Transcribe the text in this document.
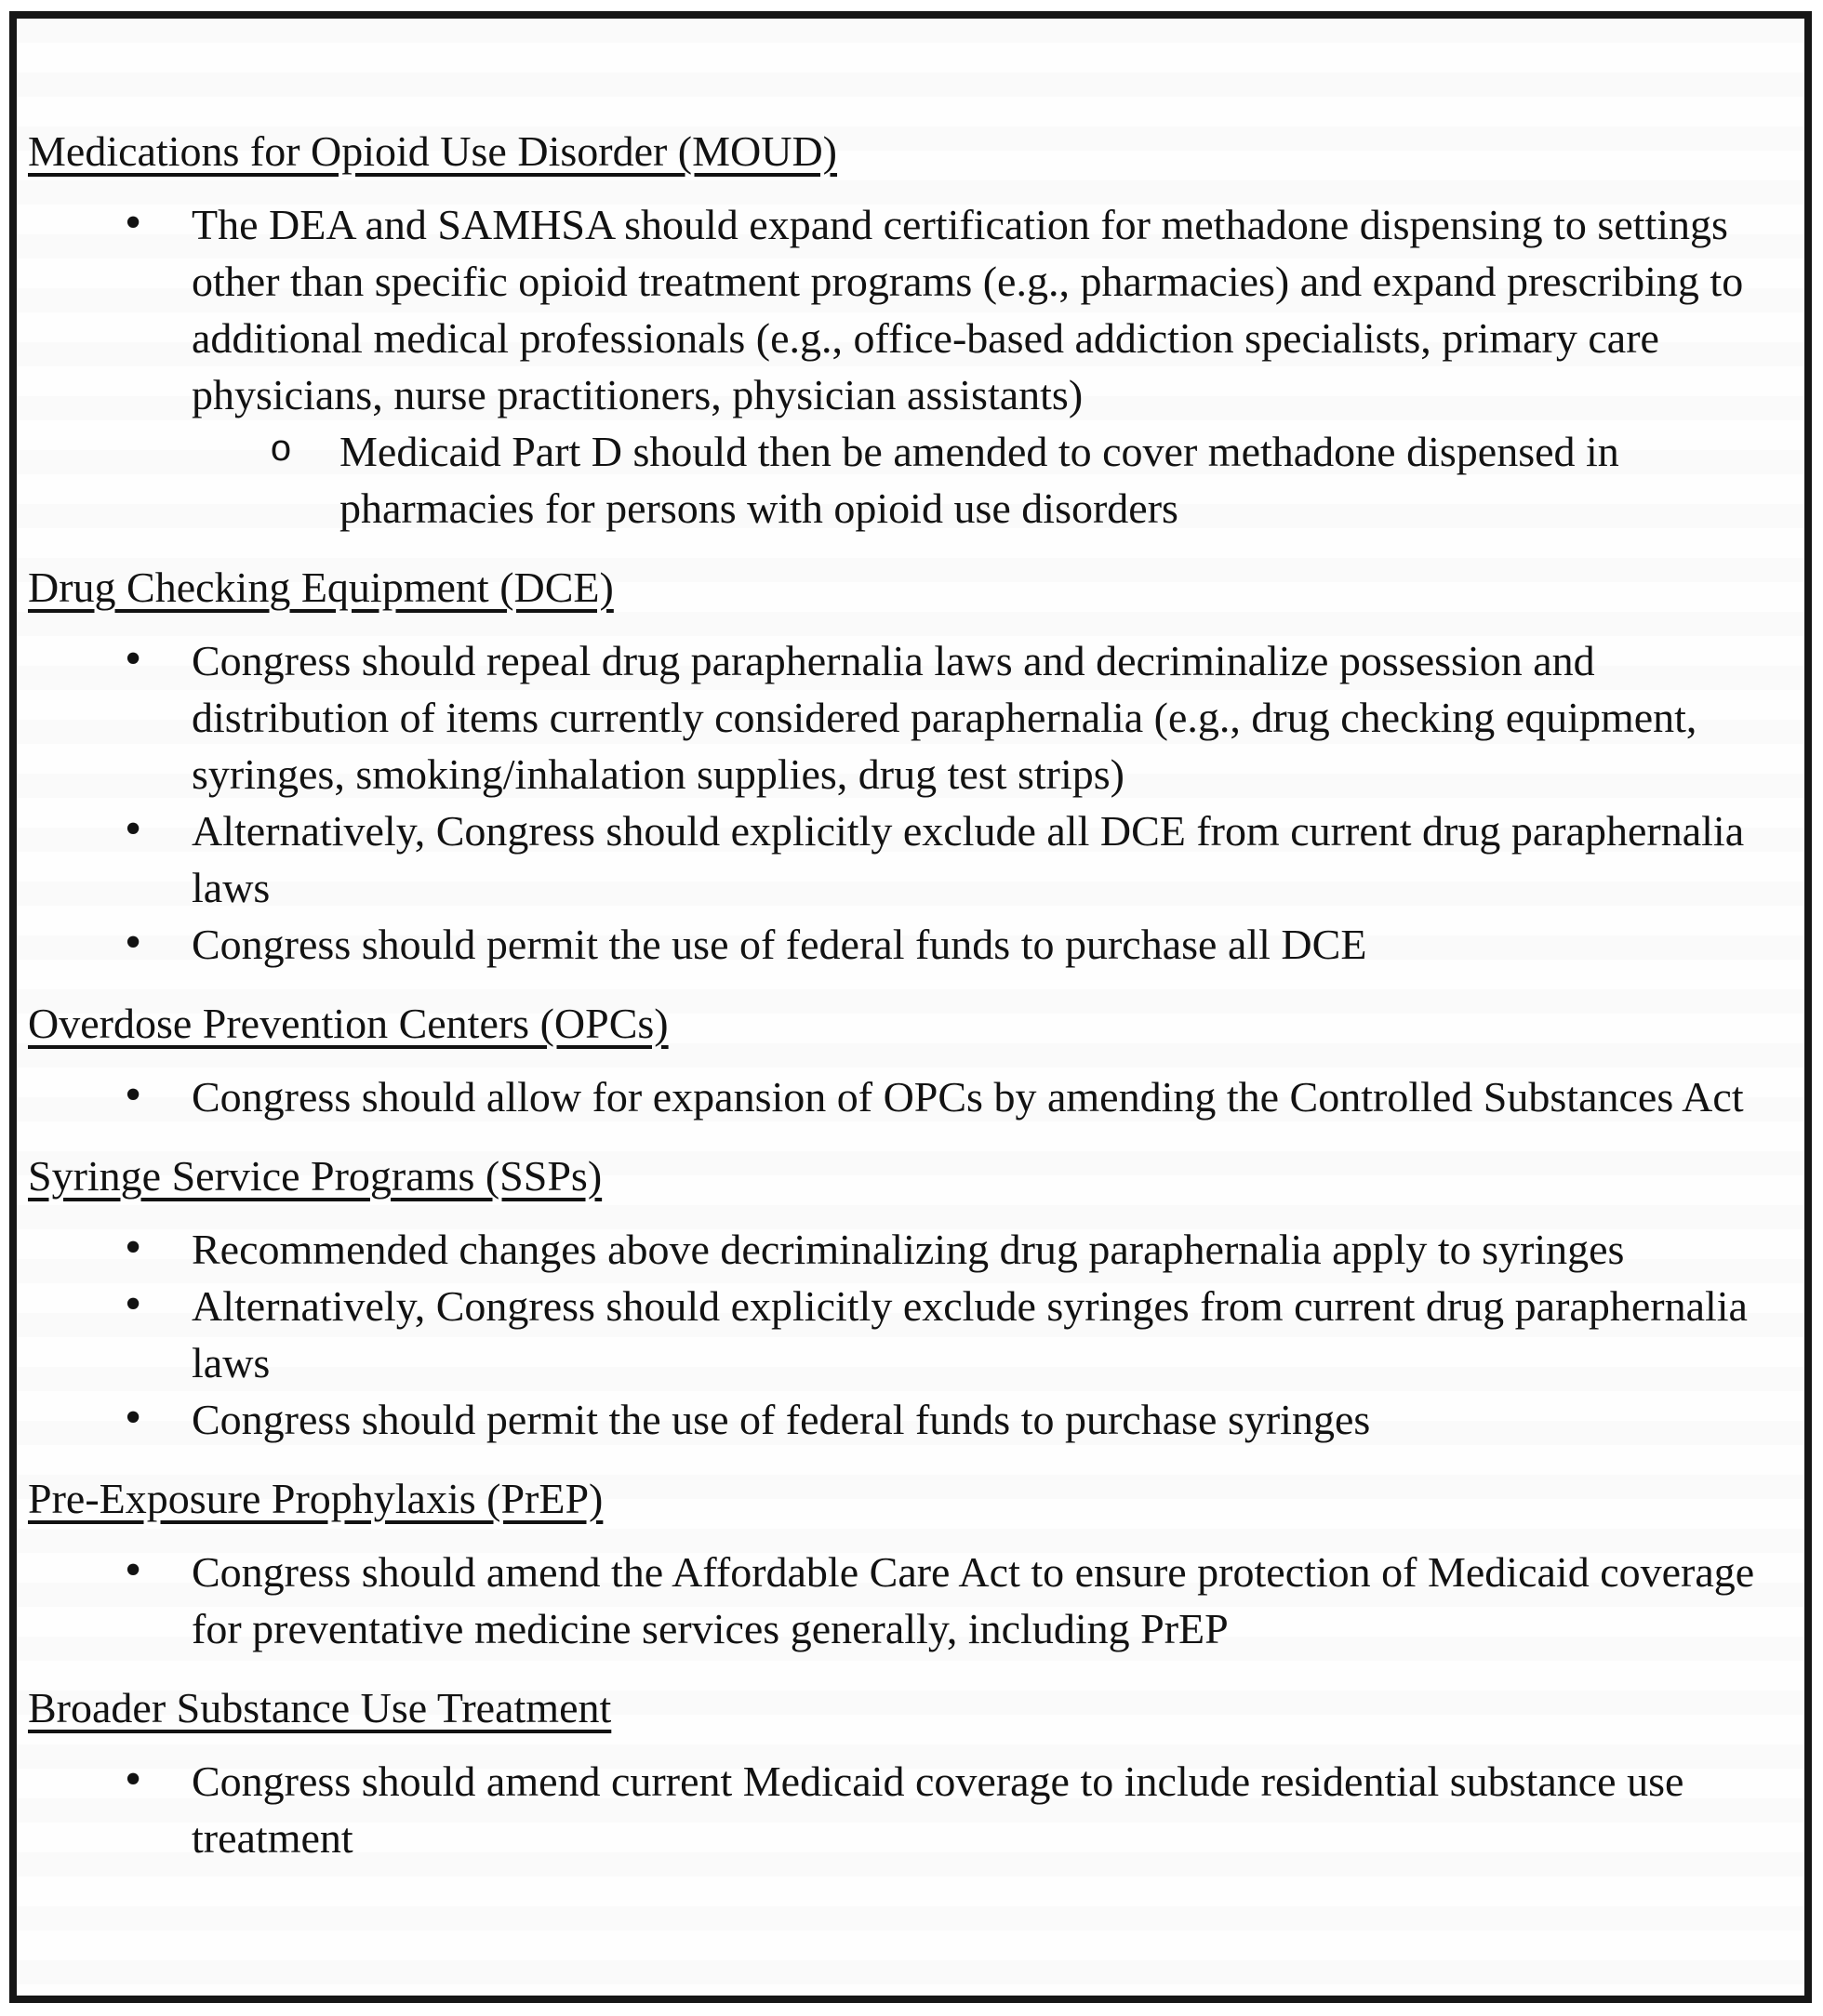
Medications for Opioid Use Disorder (MOUD)
• The DEA and SAMHSA should expand certification for methadone dispensing to settings other than specific opioid treatment programs (e.g., pharmacies) and expand prescribing to additional medical professionals (e.g., office-based addiction specialists, primary care physicians, nurse practitioners, physician assistants)
o Medicaid Part D should then be amended to cover methadone dispensed in pharmacies for persons with opioid use disorders
Drug Checking Equipment (DCE)
• Congress should repeal drug paraphernalia laws and decriminalize possession and distribution of items currently considered paraphernalia (e.g., drug checking equipment, syringes, smoking/inhalation supplies, drug test strips)
• Alternatively, Congress should explicitly exclude all DCE from current drug paraphernalia laws
• Congress should permit the use of federal funds to purchase all DCE
Overdose Prevention Centers (OPCs)
• Congress should allow for expansion of OPCs by amending the Controlled Substances Act
Syringe Service Programs (SSPs)
• Recommended changes above decriminalizing drug paraphernalia apply to syringes
• Alternatively, Congress should explicitly exclude syringes from current drug paraphernalia laws
• Congress should permit the use of federal funds to purchase syringes
Pre-Exposure Prophylaxis (PrEP)
• Congress should amend the Affordable Care Act to ensure protection of Medicaid coverage for preventative medicine services generally, including PrEP
Broader Substance Use Treatment
• Congress should amend current Medicaid coverage to include residential substance use treatment
